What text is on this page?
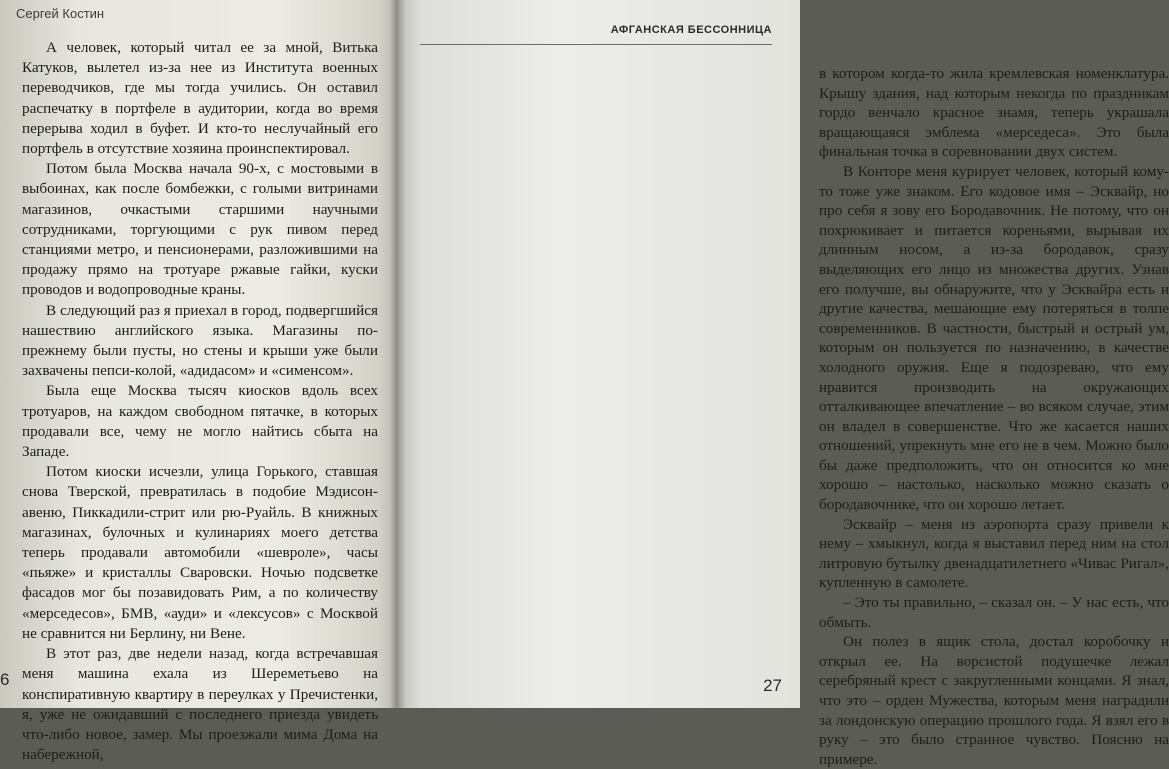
Сергей Костин

А человек, который читал ее за мной, Витька Катуков, вылетел из-за нее из Института военных переводчиков, где мы тогда учились. Он оставил распечатку в портфеле в аудитории, когда во время перерыва ходил в буфет. И кто-то неслучайный его портфель в отсутствие хозяина проинспектировал.

Потом была Москва начала 90-х, с мостовыми в выбоинах, как после бомбежки, с голыми витринами магазинов, очкастыми старшими научными сотрудниками, торгующими с рук пивом перед станциями метро, и пенсионерами, разложившими на продажу прямо на тротуаре ржавые гайки, куски проводов и водопроводные краны.

В следующий раз я приехал в город, подвергшийся нашествию английского языка. Магазины по-прежнему были пусты, но стены и крыши уже были захвачены пепси-колой, «адидасом» и «сименсом».

Была еще Москва тысяч киосков вдоль всех тротуаров, на каждом свободном пятачке, в которых продавали все, чему не могло найтись сбыта на Западе.

Потом киоски исчезли, улица Горького, ставшая снова Тверской, превратилась в подобие Мэдисон-авеню, Пиккадили-стрит или рю-Руайль. В книжных магазинах, булочных и кулинариях моего детства теперь продавали автомобили «шевроле», часы «пьяже» и кристаллы Сваровски. Ночью подсветке фасадов мог бы позавидовать Рим, а по количеству «мерседесов», БМВ, «ауди» и «лексусов» с Москвой не сравнится ни Берлину, ни Вене.

В этот раз, две недели назад, когда встречавшая меня машина ехала из Шереметьево на конспиративную квартиру в переулках у Пречистенки, я, уже не ожидавший с последнего приезда увидеть что-либо новое, замер. Мы проезжали мима Дома на набережной,

6
АФГАНСКАЯ БЕССОННИЦА

в котором когда-то жила кремлевская номенклатура. Крышу здания, над которым некогда по праздникам гордо венчало красное знамя, теперь украшала вращающаяся эмблема «мерседеса». Это была финальная точка в соревновании двух систем.

В Конторе меня курирует человек, который кому-то тоже уже знаком. Его кодовое имя – Эсквайр, но про себя я зову его Бородавочник. Не потому, что он похрюкивает и питается кореньями, вырывая их длинным носом, а из-за бородавок, сразу выделяющих его лицо из множества других. Узнав его получше, вы обнаружите, что у Эсквайра есть и другие качества, мешающие ему потеряться в толпе современников. В частности, быстрый и острый ум, которым он пользуется по назначению, в качестве холодного оружия. Еще я подозреваю, что ему нравится производить на окружающих отталкивающее впечатление – во всяком случае, этим он владел в совершенстве. Что же касается наших отношений, упрекнуть мне его не в чем. Можно было бы даже предположить, что он относится ко мне хорошо – настолько, насколько можно сказать о бородавочнике, что он хорошо летает.

Эсквайр – меня из аэропорта сразу привели к нему – хмыкнул, когда я выставил перед ним на стол литровую бутылку двенадцатилетнего «Чивас Ригал», купленную в самолете.

– Это ты правильно, – сказал он. – У нас есть, что обмыть.

Он полез в ящик стола, достал коробочку и открыл ее. На ворсистой подушечке лежал серебряный крест с закругленными концами. Я знал, что это – орден Мужества, которым меня наградили за лондонскую операцию прошлого года. Я взял его в руку – это было странное чувство. Поясню на примере.

27
